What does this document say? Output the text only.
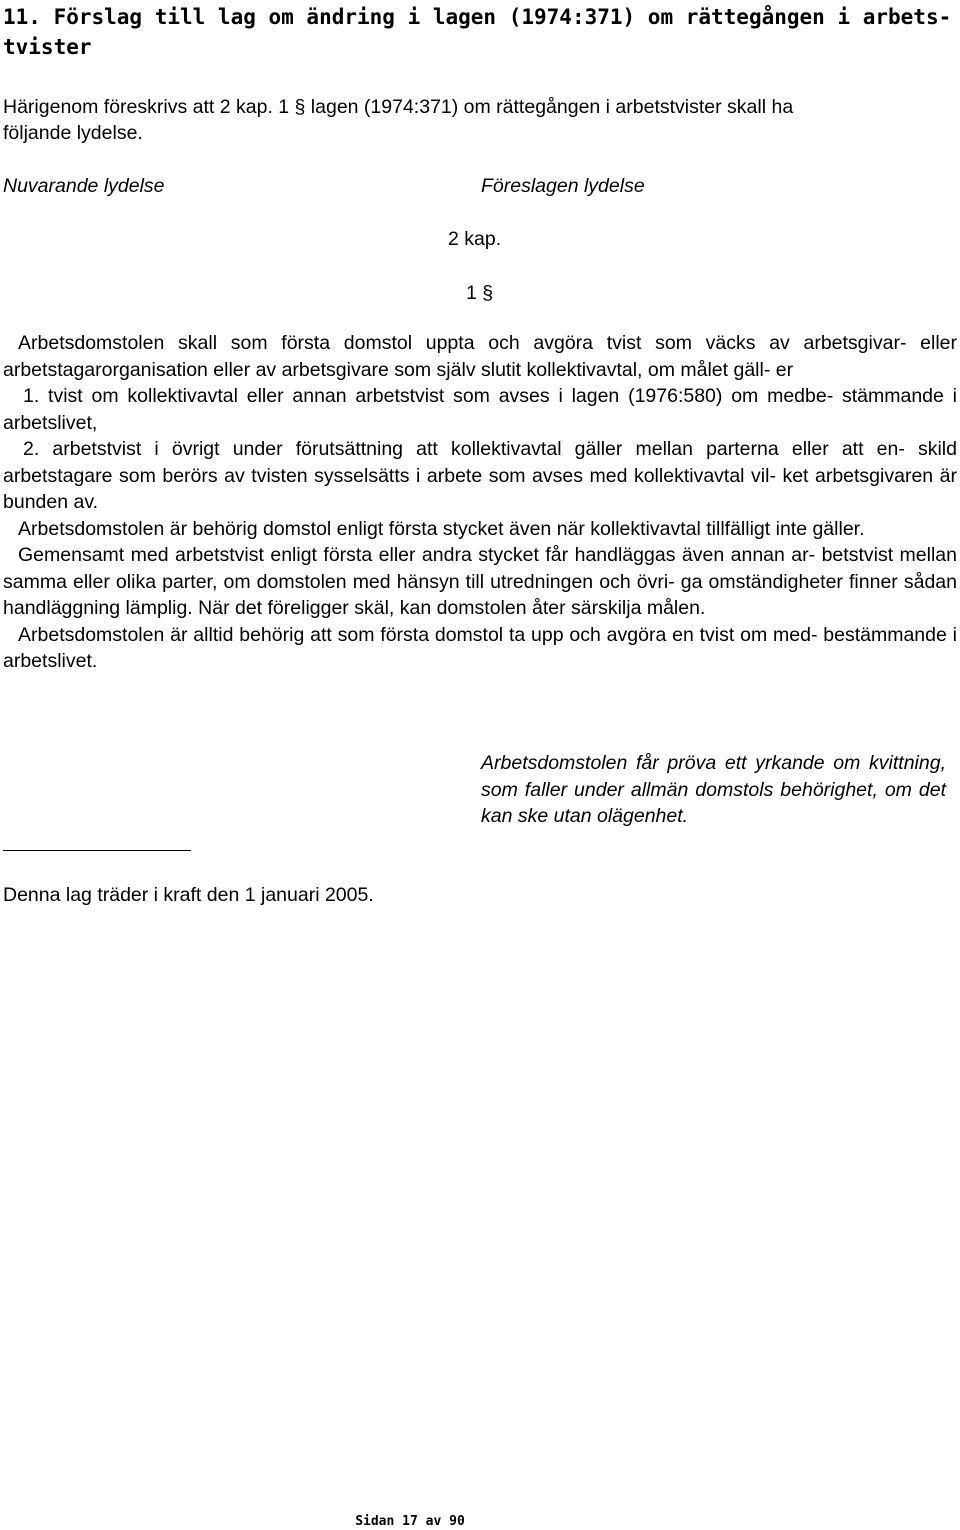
11. Förslag till lag om ändring i lagen (1974:371) om rättegången i arbets-
tvister
Härigenom föreskrivs att 2 kap. 1 § lagen (1974:371) om rättegången i arbetstvister skall ha
följande lydelse.
Nuvarande lydelse	Föreslagen lydelse
2 kap.
1 §

Arbetsdomstolen skall som första domstol uppta och avgöra tvist som väcks av arbetsgivar- eller arbetstagarorganisation eller av arbetsgivare som själv slutit kollektivavtal, om målet gäll- er

1. tvist om kollektivavtal eller annan arbetstvist som avses i lagen (1976:580) om medbe- stämmande i arbetslivet,

2. arbetstvist i övrigt under förutsättning att kollektivavtal gäller mellan parterna eller att en- skild arbetstagare som berörs av tvisten sysselsätts i arbete som avses med kollektivavtal vil- ket arbetsgivaren är bunden av.

Arbetsdomstolen är behörig domstol enligt första stycket även när kollektivavtal tillfälligt inte gäller.

Gemensamt med arbetstvist enligt första eller andra stycket får handläggas även annan ar- betstvist mellan samma eller olika parter, om domstolen med hänsyn till utredningen och övri- ga omständigheter finner sådan handläggning lämplig. När det föreligger skäl, kan domstolen åter särskilja målen.

Arbetsdomstolen är alltid behörig att som första domstol ta upp och avgöra en tvist om med- bestämmande i arbetslivet.

Arbetsdomstolen får pröva ett yrkande om kvittning, som faller under allmän domstols behörighet, om det kan ske utan olägenhet.
Denna lag träder i kraft den 1 januari 2005.
Sidan 17 av 90
